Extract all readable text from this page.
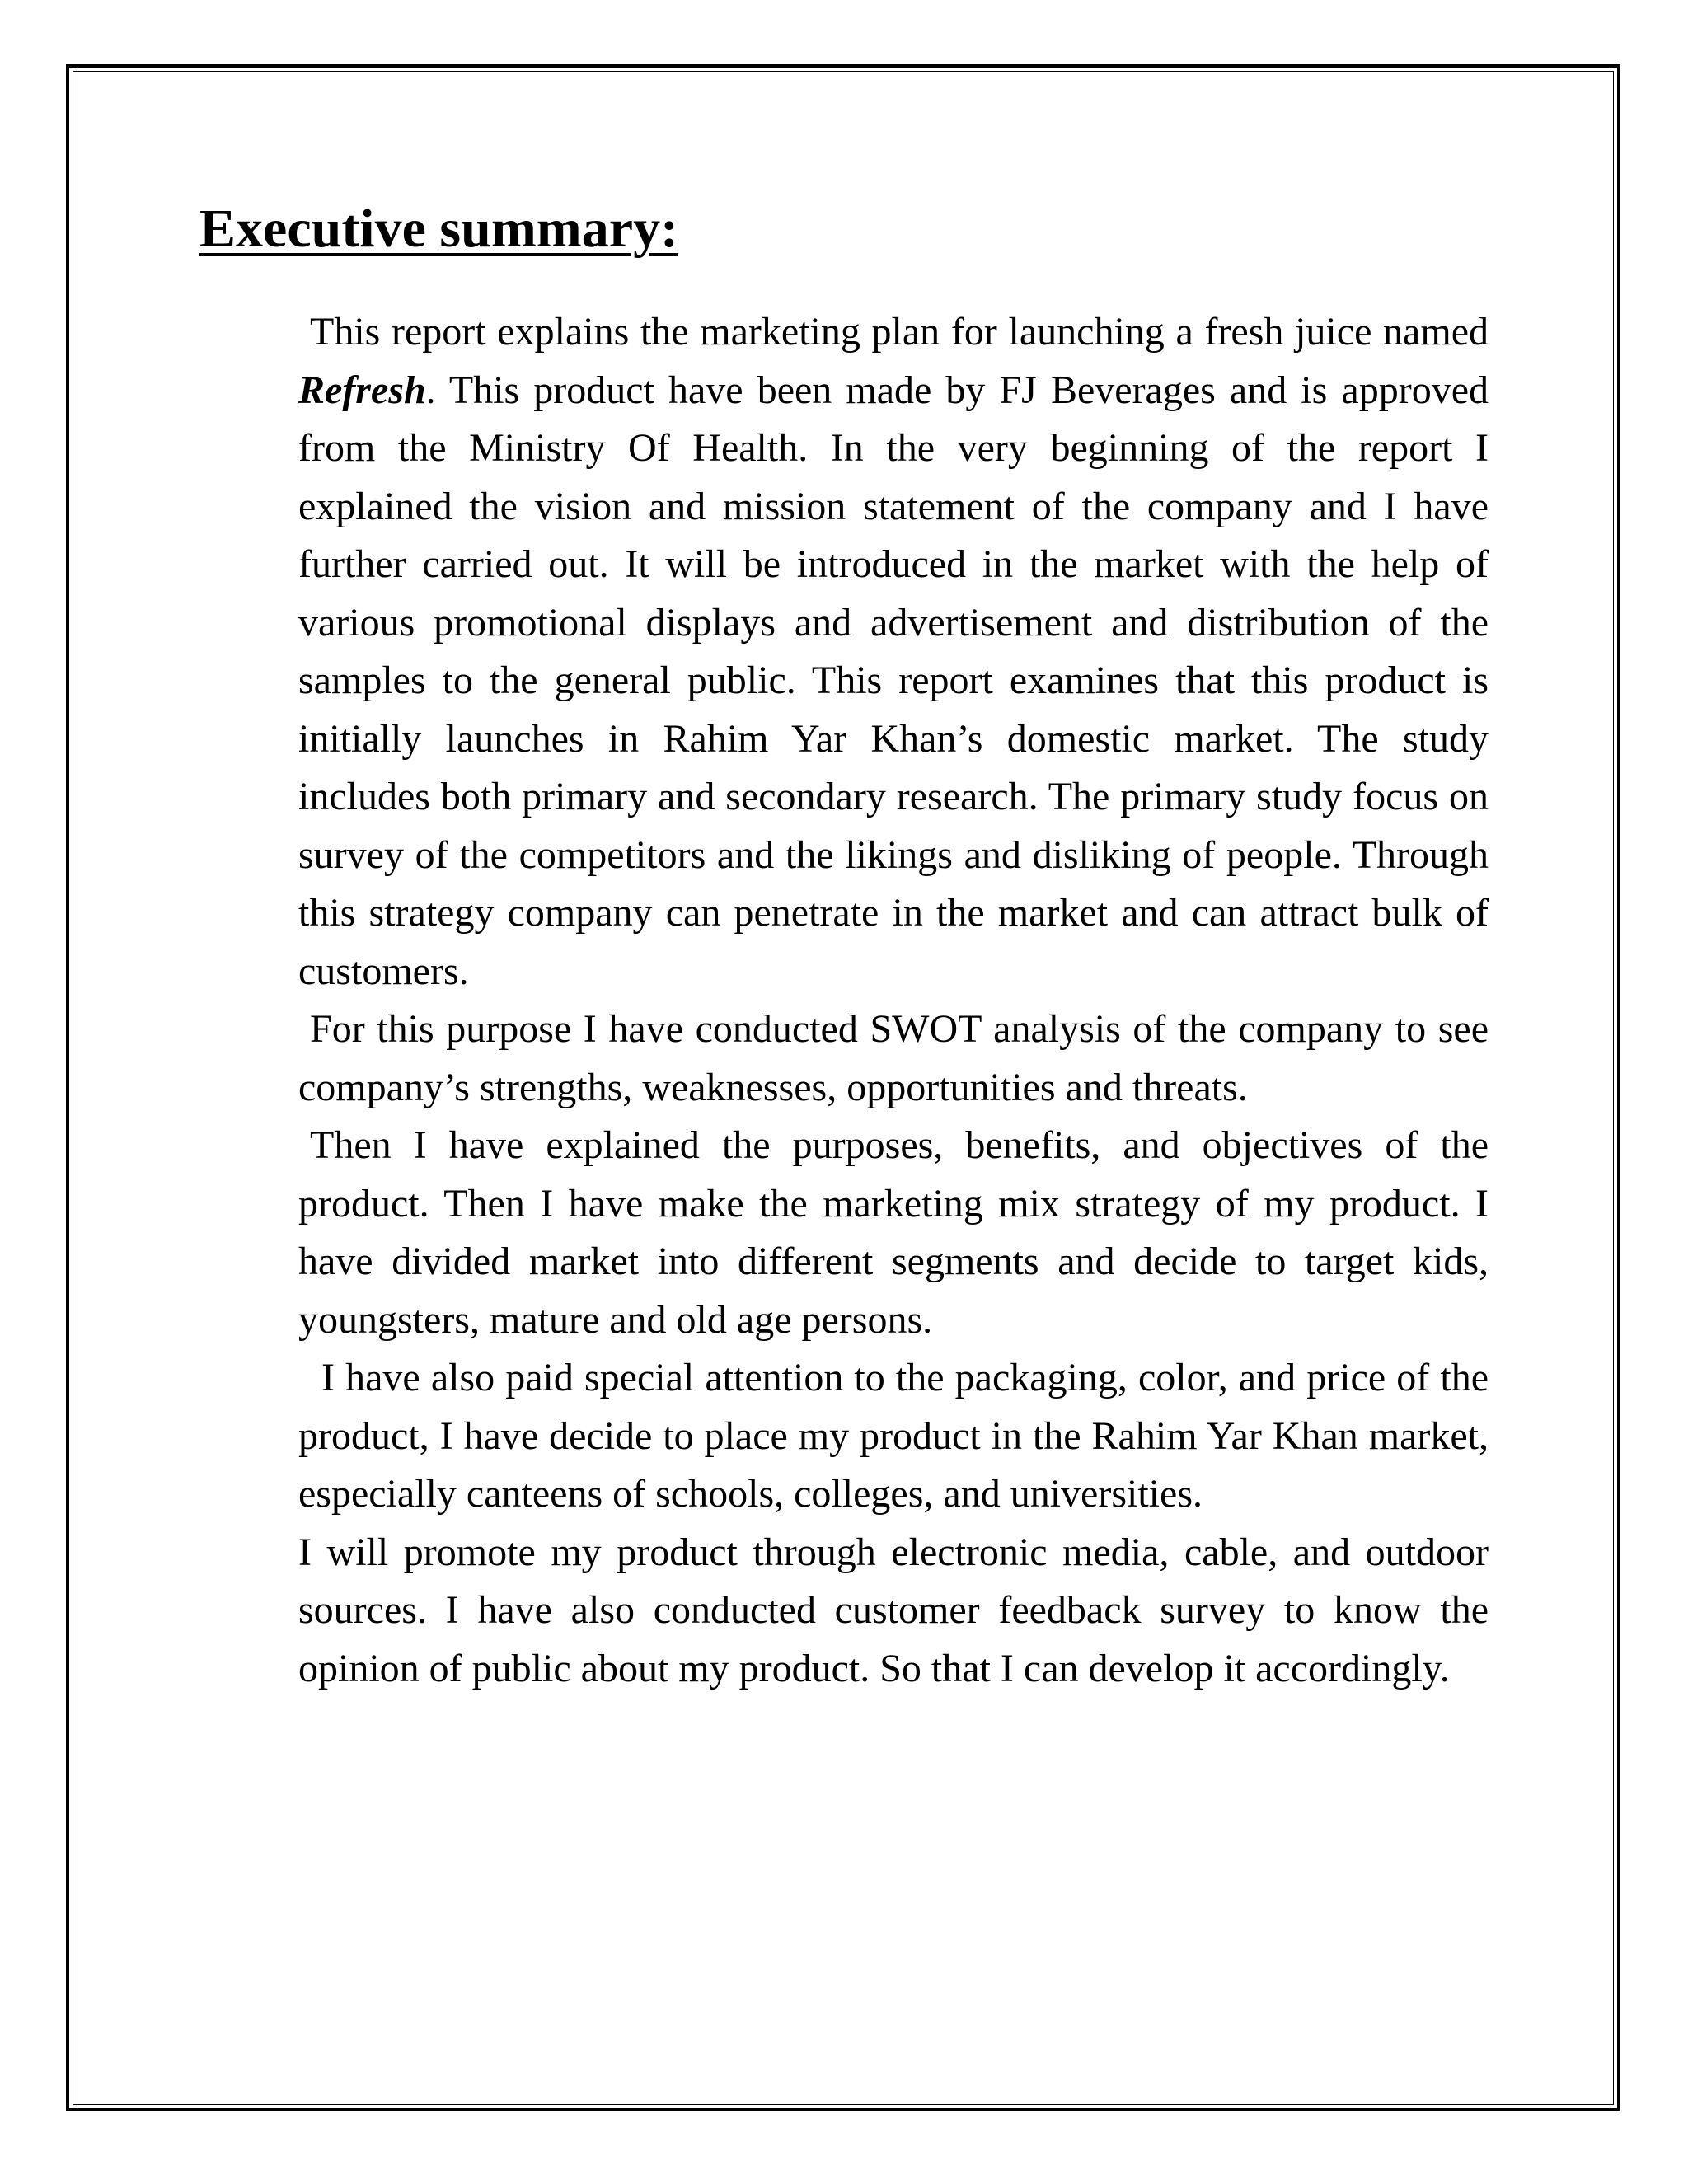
Executive summary:

This report explains the marketing plan for launching a fresh juice named Refresh. This product have been made by FJ Beverages and is approved from the Ministry Of Health. In the very beginning of the report I explained the vision and mission statement of the company and I have further carried out. It will be introduced in the market with the help of various promotional displays and advertisement and distribution of the samples to the general public. This report examines that this product is initially launches in Rahim Yar Khan’s domestic market. The study includes both primary and secondary research. The primary study focus on survey of the competitors and the likings and disliking of people. Through this strategy company can penetrate in the market and can attract bulk of customers.

For this purpose I have conducted SWOT analysis of the company to see company’s strengths, weaknesses, opportunities and threats.

Then I have explained the purposes, benefits, and objectives of the product. Then I have make the marketing mix strategy of my product. I have divided market into different segments and decide to target kids, youngsters, mature and old age persons.

I have also paid special attention to the packaging, color, and price of the product, I have decide to place my product in the Rahim Yar Khan market, especially canteens of schools, colleges, and universities.

I will promote my product through electronic media, cable, and outdoor sources. I have also conducted customer feedback survey to know the opinion of public about my product. So that I can develop it accordingly.
